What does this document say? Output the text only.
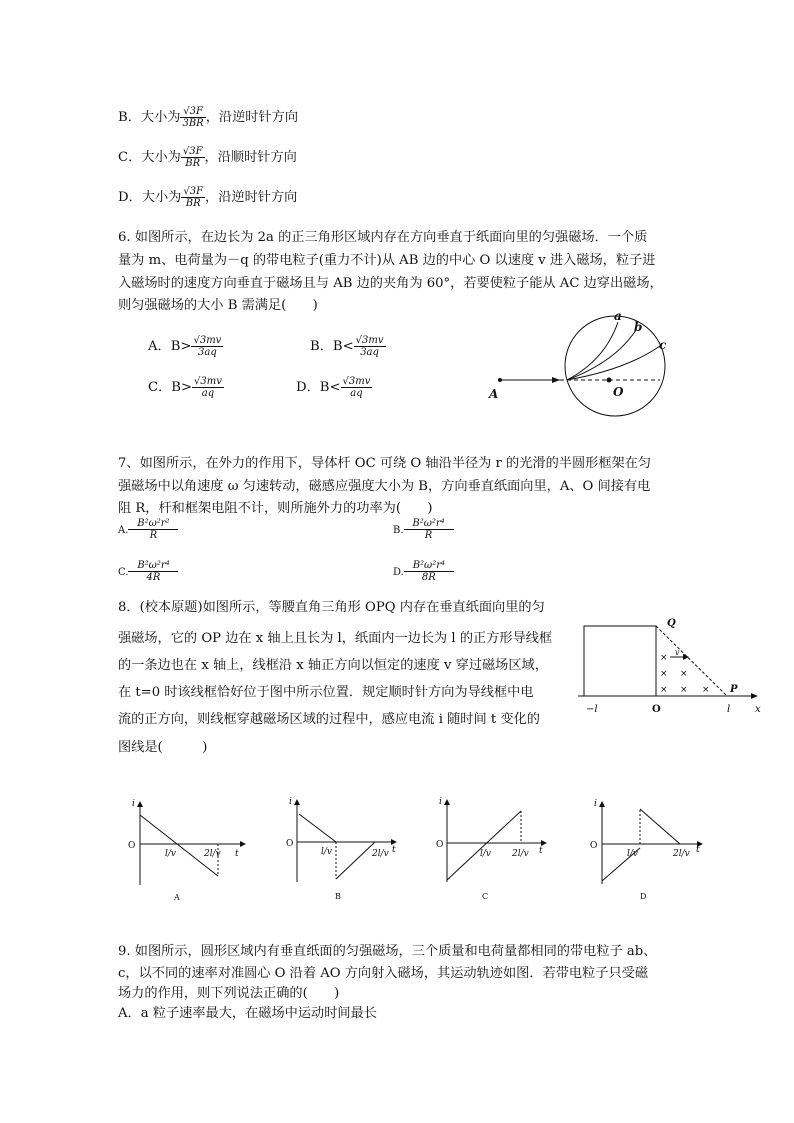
B．大小为 $\frac{√3F}{3BR}$ ，沿逆时针方向
C．大小为 $\frac{√3F}{BR}$ ，沿顺时针方向
D．大小为 $\frac{√3F}{BR}$ ，沿逆时针方向
6. 如图所示，在边长为 2a 的正三角形区域内存在方向垂直于纸面向里的匀强磁场．一个质
量为 m、电荷量为－q 的带电粒子(重力不计)从 AB 边的中心 O 以速度 v 进入磁场，粒子进
入磁场时的速度方向垂直于磁场且与 AB 边的夹角为 60°，若要使粒子能从 AC 边穿出磁场，
则匀强磁场的大小 B 需满足(　　)
A．$B> \frac{√3mv}{3aq}$	B．$B< \frac{√3mv}{3aq}$
C．$B> \frac{√3mv}{aq}$	D．$B< \frac{√3mv}{aq}$
a
b
c
A	O
7、如图所示，在外力的作用下，导体杆 OC 可绕 O 轴沿半径为 r 的光滑的半圆形框架在匀
强磁场中以角速度 ω 匀速转动，磁感应强度大小为 B，方向垂直纸面向里，A、O 间接有电
阻 R，杆和框架电阻不计，则所施外力的功率为(　　)
A. $\frac{\text{B²ω²r²}}{R}$	B. $\frac{\text{B²ω²r⁴}}{R}$
C. $\frac{\text{B²ω²r⁴}}{4R}$	D. $\frac{\text{B²ω²r⁴}}{8R}$
8．(校本原题)如图所示，等腰直角三角形 OPQ 内存在垂直纸面向里的匀
强磁场，它的 OP 边在 x 轴上且长为 l，纸面内一边长为 l 的正方形导线框
的一条边也在 x 轴上，线框沿 x 轴正方向以恒定的速度 v 穿过磁场区域，
在 t=0 时该线框恰好位于图中所示位置．规定顺时针方向为导线框中电
流的正方向，则线框穿越磁场区域的过程中，感应电流 i 随时间 t 变化的
图线是(　　　)
×
× ×
× × ×
Q
v
P
−l	O	l x
i
O
l/v	2l/v t
A
i
O
l/v	2l/v t
B
i
O
l/v 2l/v t
C
i
O
l/v	2l/v t
D
9. 如图所示，圆形区域内有垂直纸面的匀强磁场，三个质量和电荷量都相同的带电粒子 ab、
c，以不同的速率对准圆心 O 沿着 AO 方向射入磁场，其运动轨迹如图．若带电粒子只受磁
场力的作用，则下列说法正确的(　　)
A．a 粒子速率最大，在磁场中运动时间最长
